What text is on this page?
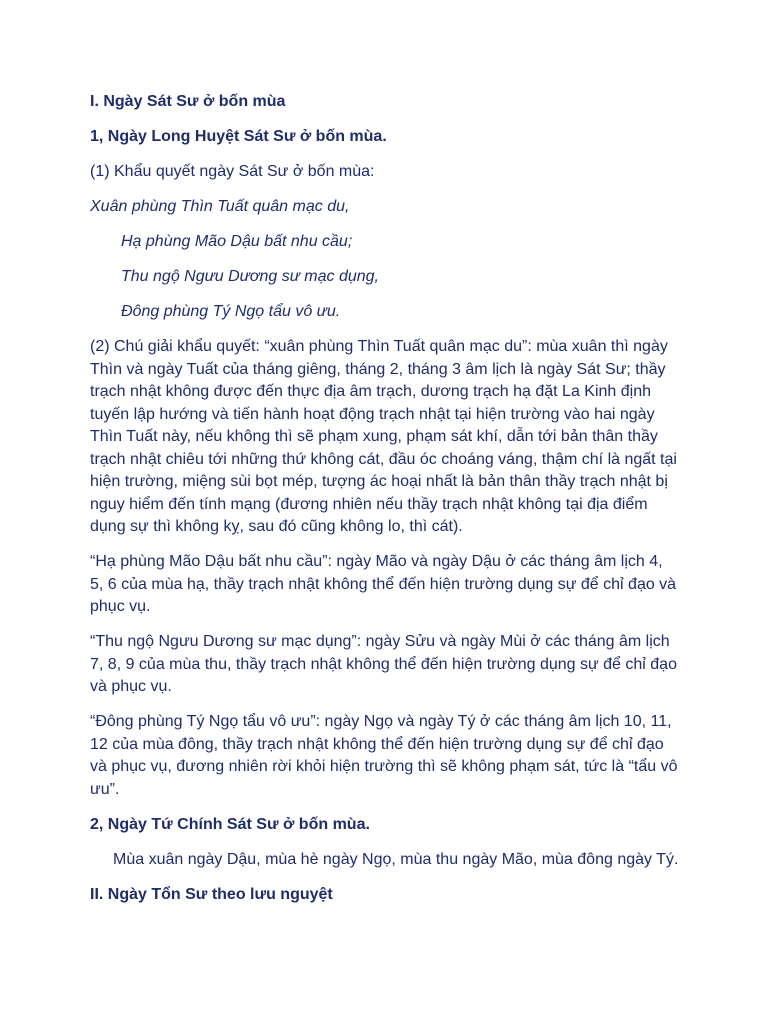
I. Ngày Sát Sư ở bốn mùa

1, Ngày Long Huyệt Sát Sư ở bốn mùa.

(1) Khẩu quyết ngày Sát Sư ở bốn mùa:

Xuân phùng Thìn Tuất quân mạc du,

Hạ phùng Mão Dậu bất nhu cầu;

Thu ngộ Ngưu Dương sư mạc dụng,

Đông phùng Tý Ngọ tẩu vô ưu.

(2) Chú giải khẩu quyết: “xuân phùng Thìn Tuất quân mạc du”: mùa xuân thì ngày Thìn và ngày Tuất của tháng giêng, tháng 2, tháng 3 âm lịch là ngày Sát Sư; thầy trạch nhật không được đến thực địa âm trạch, dương trạch hạ đặt La Kinh định tuyến lập hướng và tiến hành hoạt động trạch nhật tại hiện trường vào hai ngày Thìn Tuất này, nếu không thì sẽ phạm xung, phạm sát khí, dẫn tới bản thân thầy trạch nhật chiêu tới những thứ không cát, đầu óc choáng váng, thậm chí là ngất tại hiện trường, miệng sùi bọt mép, tượng ác hoại nhất là bản thân thầy trạch nhật bị nguy hiểm đến tính mạng (đương nhiên nếu thầy trạch nhật không tại địa điểm dụng sự thì không kỵ, sau đó cũng không lo, thì cát).

“Hạ phùng Mão Dậu bất nhu cầu”: ngày Mão và ngày Dậu ở các tháng âm lịch 4, 5, 6 của mùa hạ, thầy trạch nhật không thể đến hiện trường dụng sự để chỉ đạo và phục vụ.

“Thu ngộ Ngưu Dương sư mạc dụng”: ngày Sửu và ngày Mùi ở các tháng âm lịch 7, 8, 9 của mùa thu, thầy trạch nhật không thể đến hiện trường dụng sự để chỉ đạo và phục vụ.

“Đông phùng Tý Ngọ tẩu vô ưu”: ngày Ngọ và ngày Tý ở các tháng âm lịch 10, 11, 12 của mùa đông, thầy trạch nhật không thể đến hiện trường dụng sự để chỉ đạo và phục vụ, đương nhiên rời khỏi hiện trường thì sẽ không phạm sát, tức là “tẩu vô ưu”.

2, Ngày Tứ Chính Sát Sư ở bốn mùa.

Mùa xuân ngày Dậu, mùa hè ngày Ngọ, mùa thu ngày Mão, mùa đông ngày Tý.

II. Ngày Tổn Sư theo lưu nguyệt
